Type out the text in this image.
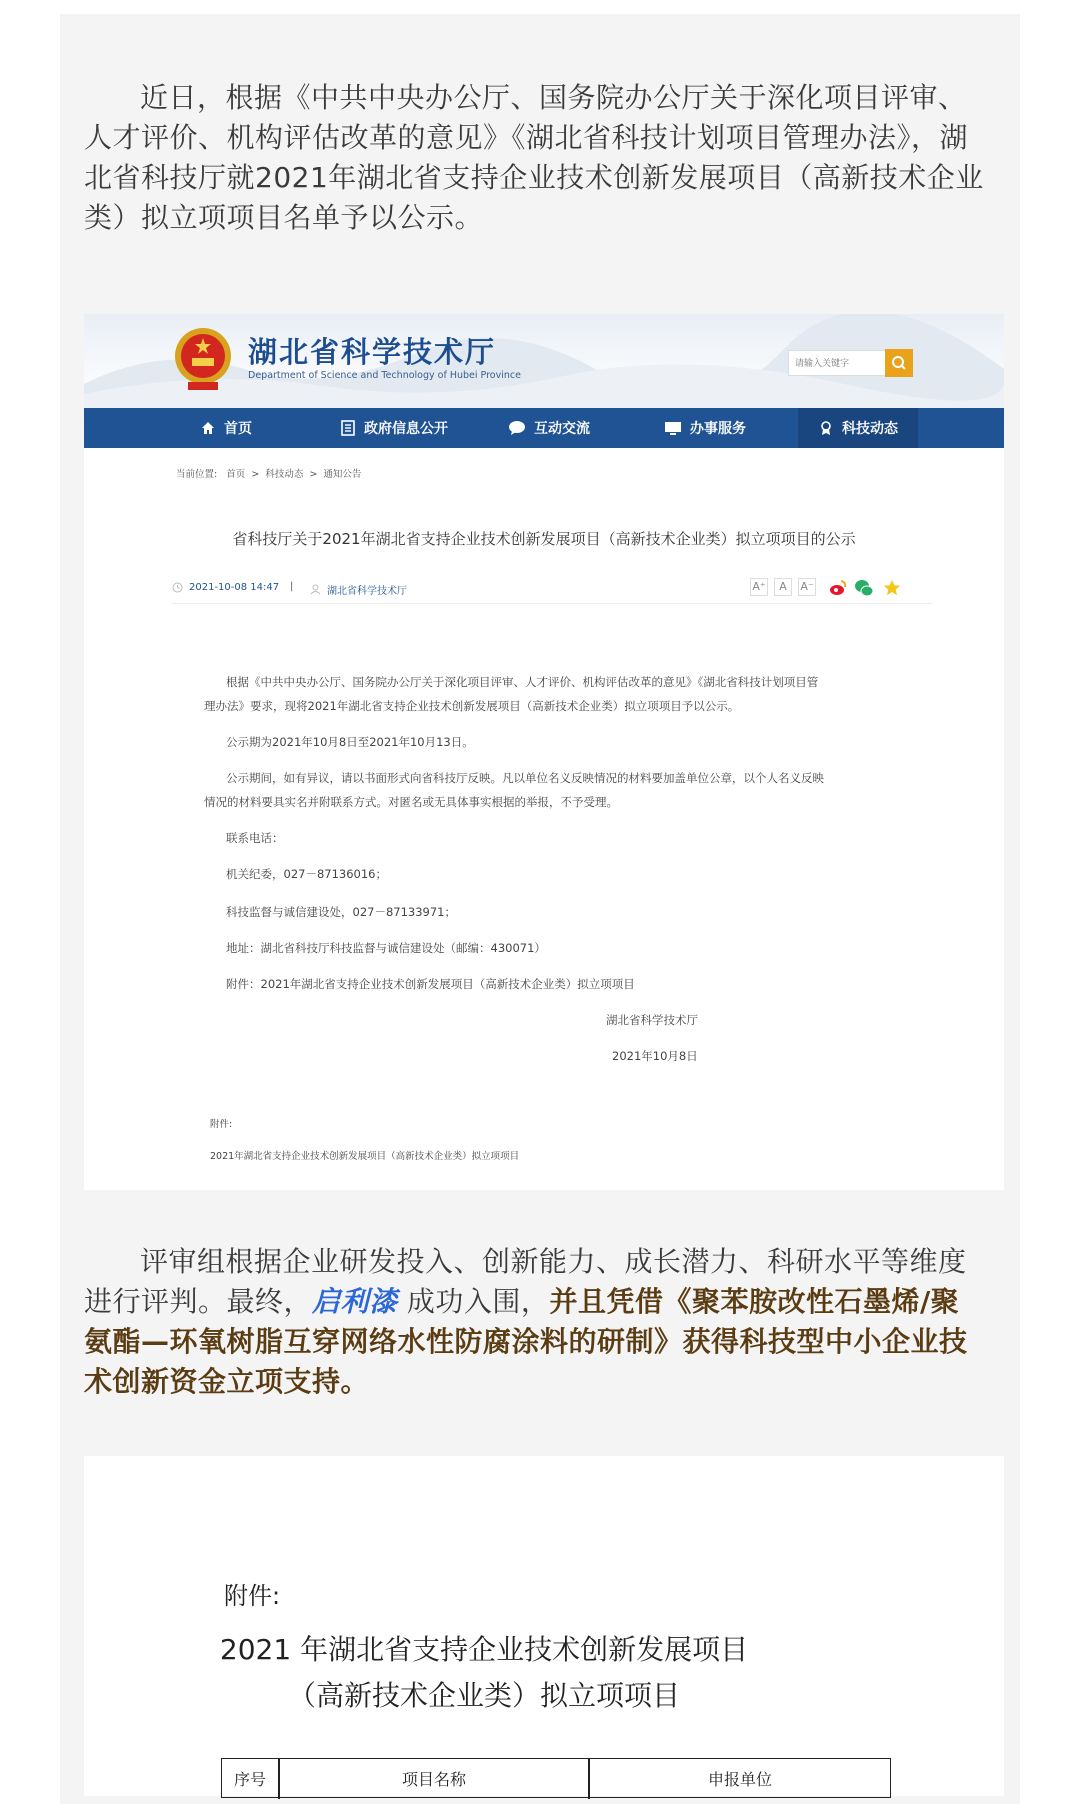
近日，根据《中共中央办公厅、国务院办公厅关于深化项目评审、人才评价、机构评估改革的意见》《湖北省科技计划项目管理办法》，湖北省科技厅就2021年湖北省支持企业技术创新发展项目（高新技术企业类）拟立项项目名单予以公示。

湖北省科学技术厅
Department of Science and Technology of Hubei Province
请输入关键字
首页	政府信息公开	互动交流	办事服务	科技动态
当前位置: 首页 > 科技动态 > 通知公告
省科技厅关于2021年湖北省支持企业技术创新发展项目（高新技术企业类）拟立项项目的公示
2021-10-08 14:47 |	湖北省科学技术厅	A⁺	A	A⁻
根据《中共中央办公厅、国务院办公厅关于深化项目评审、人才评价、机构评估改革的意见》《湖北省科技计划项目管
理办法》要求，现将2021年湖北省支持企业技术创新发展项目（高新技术企业类）拟立项项目予以公示。
公示期为2021年10月8日至2021年10月13日。
公示期间，如有异议，请以书面形式向省科技厅反映。凡以单位名义反映情况的材料要加盖单位公章，以个人名义反映
情况的材料要具实名并附联系方式。对匿名或无具体事实根据的举报，不予受理。
联系电话：
机关纪委，027－87136016；
科技监督与诚信建设处，027－87133971；
地址：湖北省科技厅科技监督与诚信建设处（邮编：430071）
附件：2021年湖北省支持企业技术创新发展项目（高新技术企业类）拟立项项目
湖北省科学技术厅
2021年10月8日
附件:
2021年湖北省支持企业技术创新发展项目（高新技术企业类）拟立项项目

评审组根据企业研发投入、创新能力、成长潜力、科研水平等维度进行评判。最终，启利漆 成功入围，并且凭借《聚苯胺改性石墨烯/聚氨酯—环氧树脂互穿网络水性防腐涂料的研制》获得科技型中小企业技术创新资金立项支持。

附件:
2021 年湖北省支持企业技术创新发展项目
（高新技术企业类）拟立项项目
序号	项目名称	申报单位
